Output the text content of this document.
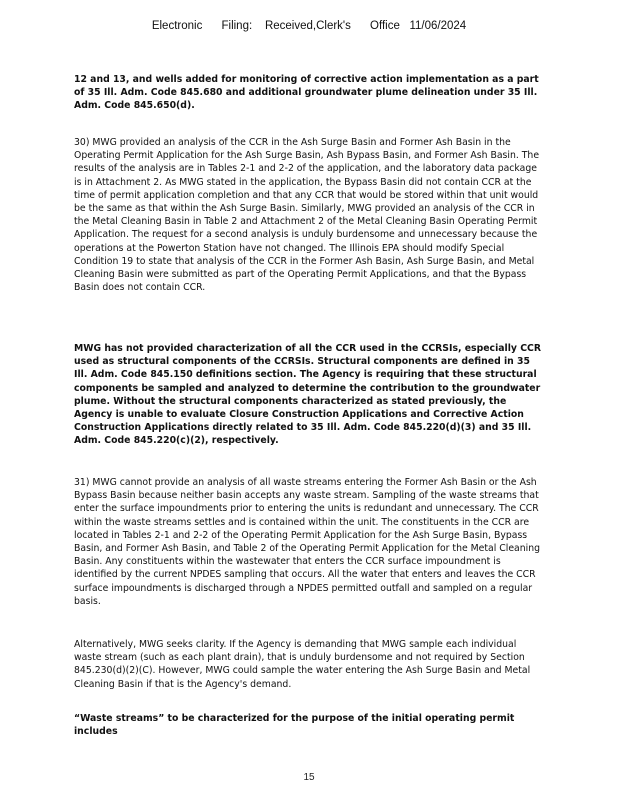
Electronic      Filing:    Received,Clerk's      Office   11/06/2024

12 and 13, and wells added for monitoring of corrective action implementation as a part of 35 Ill. Adm. Code 845.680 and additional groundwater plume delineation under 35 Ill. Adm. Code 845.650(d).

30) MWG provided an analysis of the CCR in the Ash Surge Basin and Former Ash Basin in the Operating Permit Application for the Ash Surge Basin, Ash Bypass Basin, and Former Ash Basin. The results of the analysis are in Tables 2-1 and 2-2 of the application, and the laboratory data package is in Attachment 2. As MWG stated in the application, the Bypass Basin did not contain CCR at the time of permit application completion and that any CCR that would be stored within that unit would be the same as that within the Ash Surge Basin. Similarly, MWG provided an analysis of the CCR in the Metal Cleaning Basin in Table 2 and Attachment 2 of the Metal Cleaning Basin Operating Permit Application. The request for a second analysis is unduly burdensome and unnecessary because the operations at the Powerton Station have not changed. The Illinois EPA should modify Special Condition 19 to state that analysis of the CCR in the Former Ash Basin, Ash Surge Basin, and Metal Cleaning Basin were submitted as part of the Operating Permit Applications, and that the Bypass Basin does not contain CCR.

MWG has not provided characterization of all the CCR used in the CCRSIs, especially CCR used as structural components of the CCRSIs. Structural components are defined in 35 Ill. Adm. Code 845.150 definitions section. The Agency is requiring that these structural components be sampled and analyzed to determine the contribution to the groundwater plume. Without the structural components characterized as stated previously, the Agency is unable to evaluate Closure Construction Applications and Corrective Action Construction Applications directly related to 35 Ill. Adm. Code 845.220(d)(3) and 35 Ill. Adm. Code 845.220(c)(2), respectively.

31) MWG cannot provide an analysis of all waste streams entering the Former Ash Basin or the Ash Bypass Basin because neither basin accepts any waste stream. Sampling of the waste streams that enter the surface impoundments prior to entering the units is redundant and unnecessary. The CCR within the waste streams settles and is contained within the unit. The constituents in the CCR are located in Tables 2-1 and 2-2 of the Operating Permit Application for the Ash Surge Basin, Bypass Basin, and Former Ash Basin, and Table 2 of the Operating Permit Application for the Metal Cleaning Basin. Any constituents within the wastewater that enters the CCR surface impoundment is identified by the current NPDES sampling that occurs. All the water that enters and leaves the CCR surface impoundments is discharged through a NPDES permitted outfall and sampled on a regular basis.

Alternatively, MWG seeks clarity. If the Agency is demanding that MWG sample each individual waste stream (such as each plant drain), that is unduly burdensome and not required by Section 845.230(d)(2)(C). However, MWG could sample the water entering the Ash Surge Basin and Metal Cleaning Basin if that is the Agency's demand.

“Waste streams” to be characterized for the purpose of the initial operating permit includes

15
